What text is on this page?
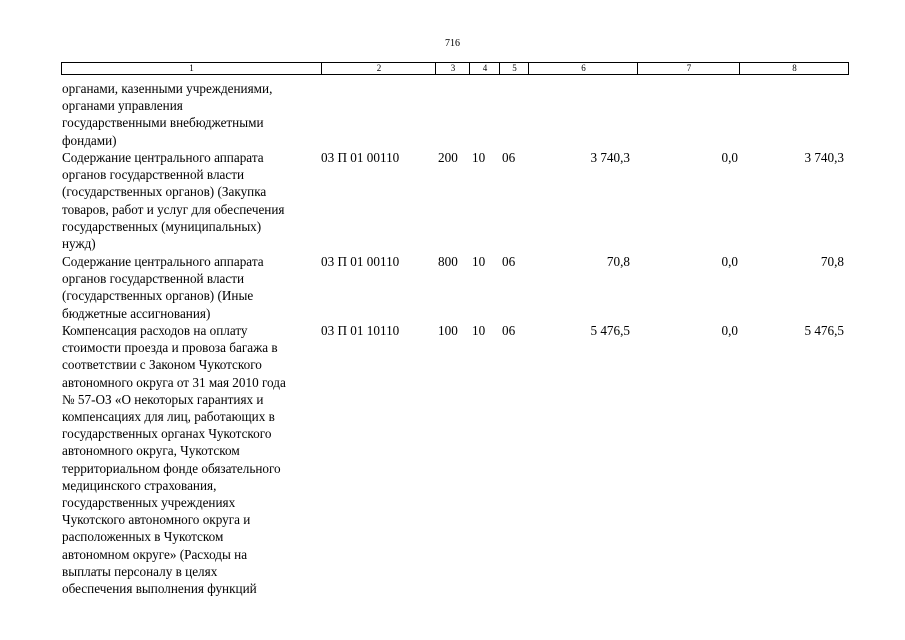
716
1	2	3	4	5	6	7	8
органами, казенными учреждениями,
органами управления
государственными внебюджетными
фондами)
Содержание центрального аппарата
органов государственной власти
(государственных органов) (Закупка
товаров, работ и услуг для обеспечения
государственных (муниципальных)
нужд)
03 П 01 00110	200 10 06	3 740,3	0,0	3 740,3
Содержание центрального аппарата
органов государственной власти
(государственных органов) (Иные
бюджетные ассигнования)
03 П 01 00110	800 10 06	70,8	0,0	70,8
Компенсация расходов на оплату
стоимости проезда и провоза багажа в
соответствии с Законом Чукотского
автономного округа от 31 мая 2010 года
№ 57-ОЗ «О некоторых гарантиях и
компенсациях для лиц, работающих в
государственных органах Чукотского
автономного округа, Чукотском
территориальном фонде обязательного
медицинского страхования,
государственных учреждениях
Чукотского автономного округа и
расположенных в Чукотском
автономном округе» (Расходы на
выплаты персоналу в целях
обеспечения выполнения функций
03 П 01 10110	100 10 06	5 476,5	0,0	5 476,5
